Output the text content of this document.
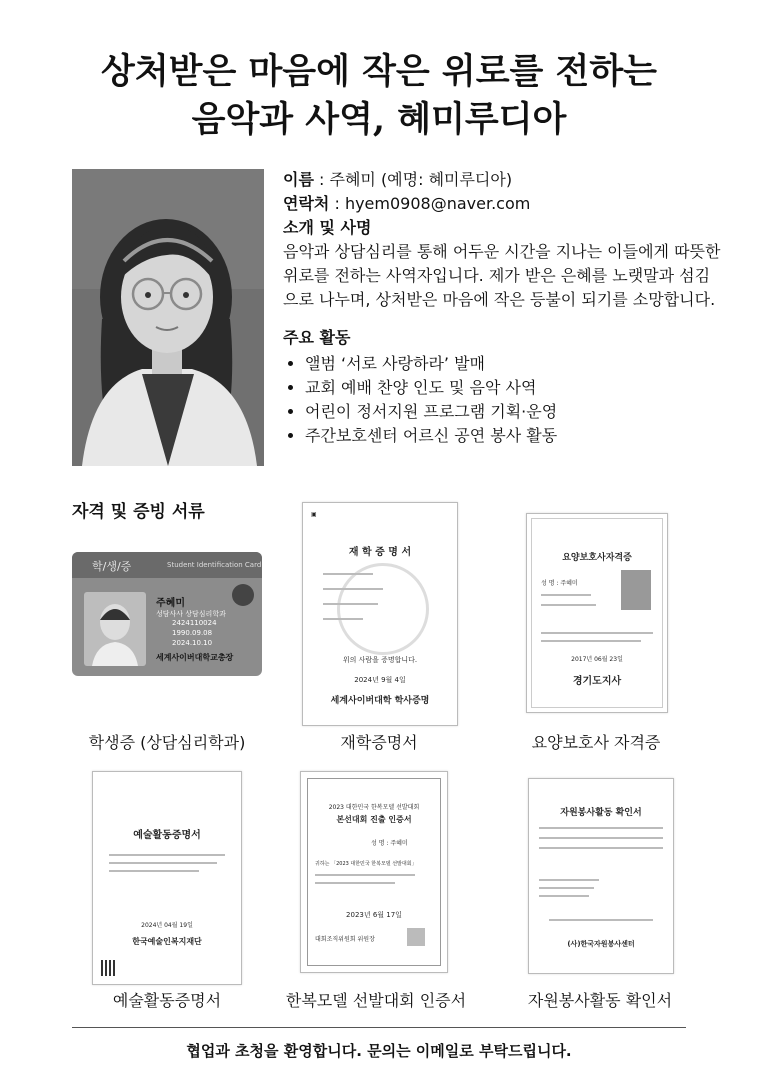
상처받은 마음에 작은 위로를 전하는
음악과 사역, 혜미루디아
이름 : 주혜미 (예명: 혜미루디아)
연락처 : hyem0908@naver.com
소개 및 사명

음악과 상담심리를 통해 어두운 시간을 지나는 이들에게 따뜻한 위로를 전하는 사역자입니다. 제가 받은 은혜를 노랫말과 섬김으로 나누며, 상처받은 마음에 작은 등불이 되기를 소망합니다.

주요 활동
• 앨범 ‘서로 사랑하라’ 발매
• 교회 예배 찬양 인도 및 음악 사역
• 어린이 정서지원 프로그램 기획·운영
• 주간보호센터 어르신 공연 봉사 활동
자격 및 증빙 서류
학/생/증	Student Identification Card
주혜미
성담사사 상담심리학과
2424110024
1990.09.08
2024.10.10
세계사이버대학교총장
학생증 (상담심리학과)
▣
재 학 증 명 서
위의 사람을 증명합니다.
2024년 9월 4일
세계사이버대학 학사증명
재학증명서
요양보호사자격증
성 명 : 주혜미
2017년 06월 23일
경기도지사
요양보호사 자격증
예술활동증명서
2024년 04월 19일
한국예술인복지재단
예술활동증명서
2023 대한민국 한복모델 선발대회
본선대회 진출 인증서
성 명 : 주혜미
귀하는 「2023 대한민국 한복모델 선발대회」
2023년 6월 17일
대회조직위원회 위원장
한복모델 선발대회 인증서
자원봉사활동 확인서
(사)한국자원봉사센터
자원봉사활동 확인서
협업과 초청을 환영합니다. 문의는 이메일로 부탁드립니다.
